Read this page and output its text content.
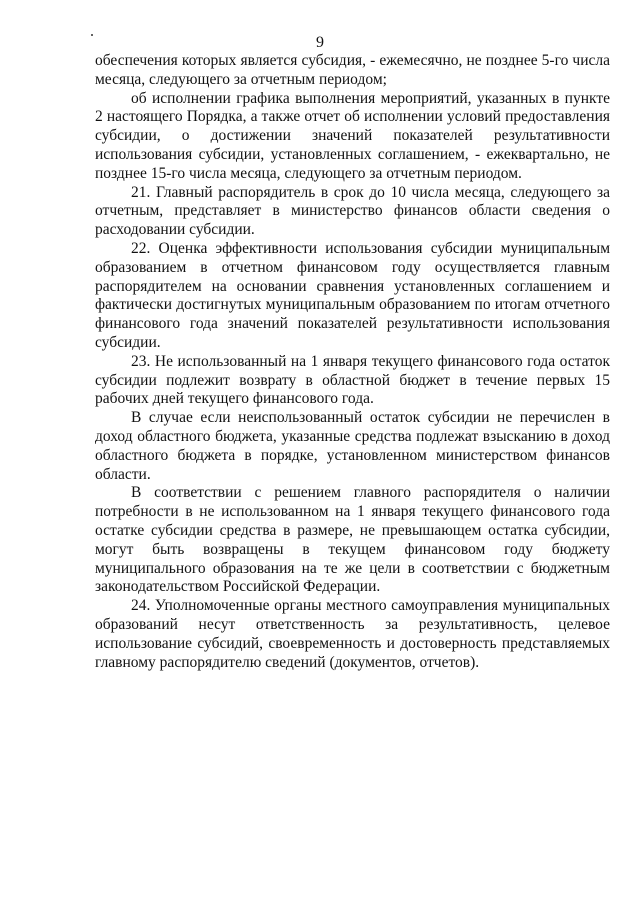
9

обеспечения которых является субсидия, - ежемесячно, не позднее 5-го числа месяца, следующего за отчетным периодом;

об исполнении графика выполнения мероприятий, указанных в пункте 2 настоящего Порядка, а также отчет об исполнении условий предоставления субсидии, о достижении значений показателей результативности использования субсидии, установленных соглашением, - ежеквартально, не позднее 15-го числа месяца, следующего за отчетным периодом.

21. Главный распорядитель в срок до 10 числа месяца, следующего за отчетным, представляет в министерство финансов области сведения о расходовании субсидии.

22. Оценка эффективности использования субсидии муниципальным образованием в отчетном финансовом году осуществляется главным распорядителем на основании сравнения установленных соглашением и фактически достигнутых муниципальным образованием по итогам отчетного финансового года значений показателей результативности использования субсидии.

23. Не использованный на 1 января текущего финансового года остаток субсидии подлежит возврату в областной бюджет в течение первых 15 рабочих дней текущего финансового года.

В случае если неиспользованный остаток субсидии не перечислен в доход областного бюджета, указанные средства подлежат взысканию в доход областного бюджета в порядке, установленном министерством финансов области.

В соответствии с решением главного распорядителя о наличии потребности в не использованном на 1 января текущего финансового года остатке субсидии средства в размере, не превышающем остатка субсидии, могут быть возвращены в текущем финансовом году бюджету муниципального образования на те же цели в соответствии с бюджетным законодательством Российской Федерации.

24. Уполномоченные органы местного самоуправления муниципальных образований несут ответственность за результативность, целевое использование субсидий, своевременность и достоверность представляемых главному распорядителю сведений (документов, отчетов).
